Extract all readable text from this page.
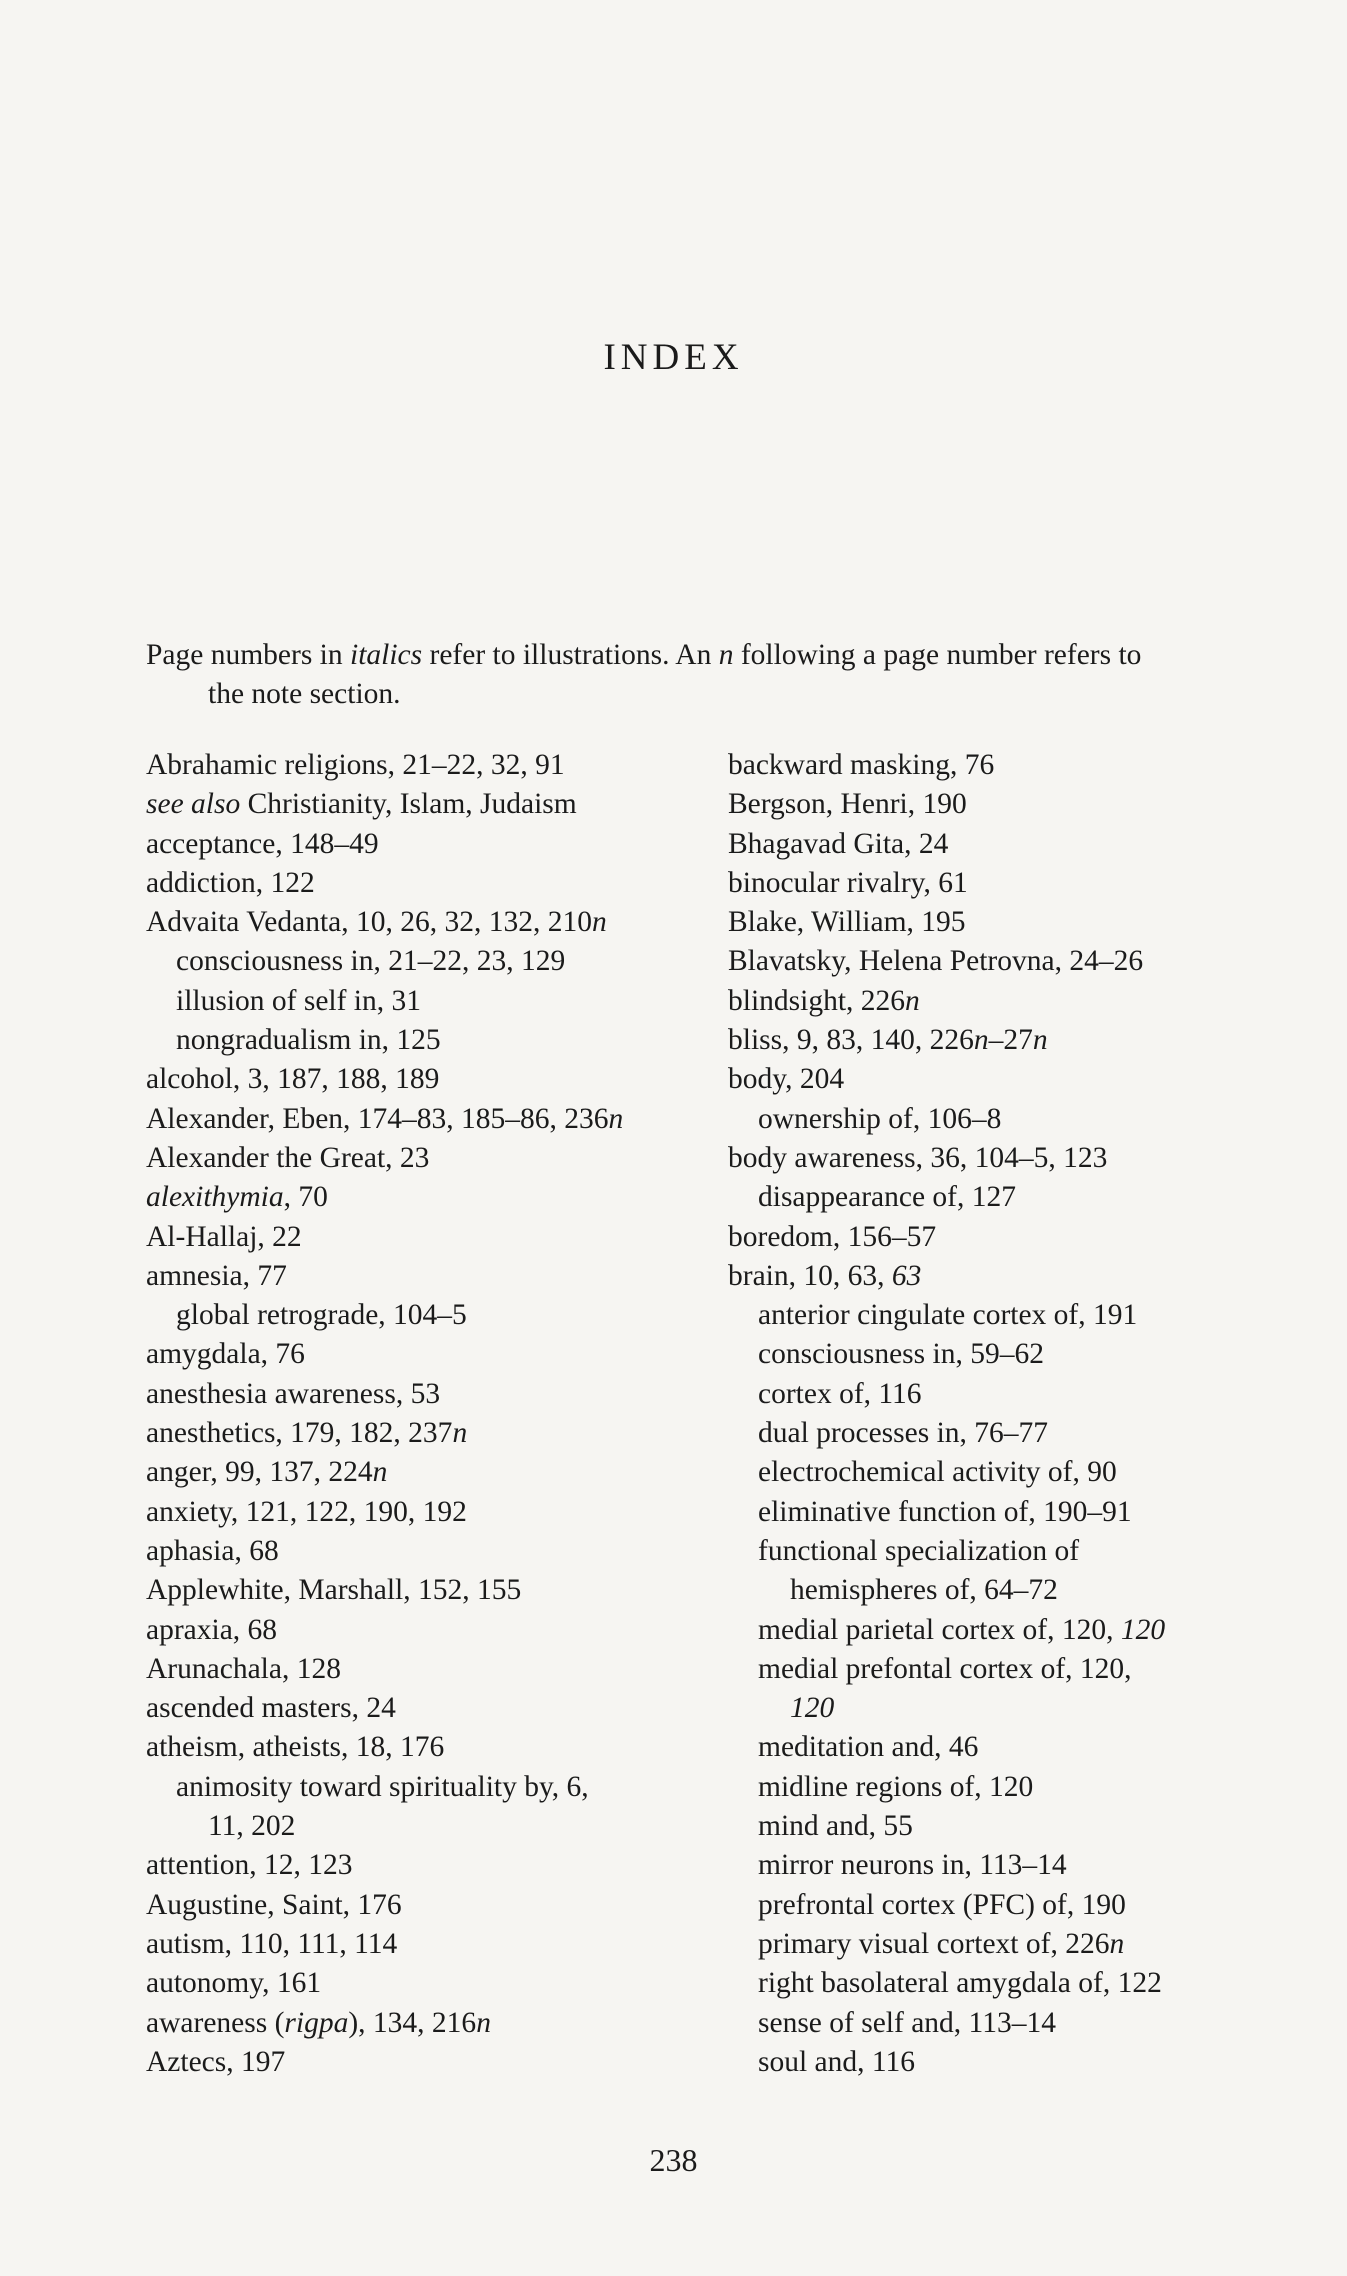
INDEX
Page numbers in italics refer to illustrations. An n following a page number refers to
the note section.
Abrahamic religions, 21–22, 32, 91
see also Christianity, Islam, Judaism
acceptance, 148–49
addiction, 122
Advaita Vedanta, 10, 26, 32, 132, 210n
consciousness in, 21–22, 23, 129
illusion of self in, 31
nongradualism in, 125
alcohol, 3, 187, 188, 189
Alexander, Eben, 174–83, 185–86, 236n
Alexander the Great, 23
alexithymia, 70
Al-Hallaj, 22
amnesia, 77
global retrograde, 104–5
amygdala, 76
anesthesia awareness, 53
anesthetics, 179, 182, 237n
anger, 99, 137, 224n
anxiety, 121, 122, 190, 192
aphasia, 68
Applewhite, Marshall, 152, 155
apraxia, 68
Arunachala, 128
ascended masters, 24
atheism, atheists, 18, 176
animosity toward spirituality by, 6,
11, 202
attention, 12, 123
Augustine, Saint, 176
autism, 110, 111, 114
autonomy, 161
awareness (rigpa), 134, 216n
Aztecs, 197
backward masking, 76
Bergson, Henri, 190
Bhagavad Gita, 24
binocular rivalry, 61
Blake, William, 195
Blavatsky, Helena Petrovna, 24–26
blindsight, 226n
bliss, 9, 83, 140, 226n–27n
body, 204
ownership of, 106–8
body awareness, 36, 104–5, 123
disappearance of, 127
boredom, 156–57
brain, 10, 63, 63
anterior cingulate cortex of, 191
consciousness in, 59–62
cortex of, 116
dual processes in, 76–77
electrochemical activity of, 90
eliminative function of, 190–91
functional specialization of
hemispheres of, 64–72
medial parietal cortex of, 120, 120
medial prefontal cortex of, 120,
120
meditation and, 46
midline regions of, 120
mind and, 55
mirror neurons in, 113–14
prefrontal cortex (PFC) of, 190
primary visual cortext of, 226n
right basolateral amygdala of, 122
sense of self and, 113–14
soul and, 116
238
